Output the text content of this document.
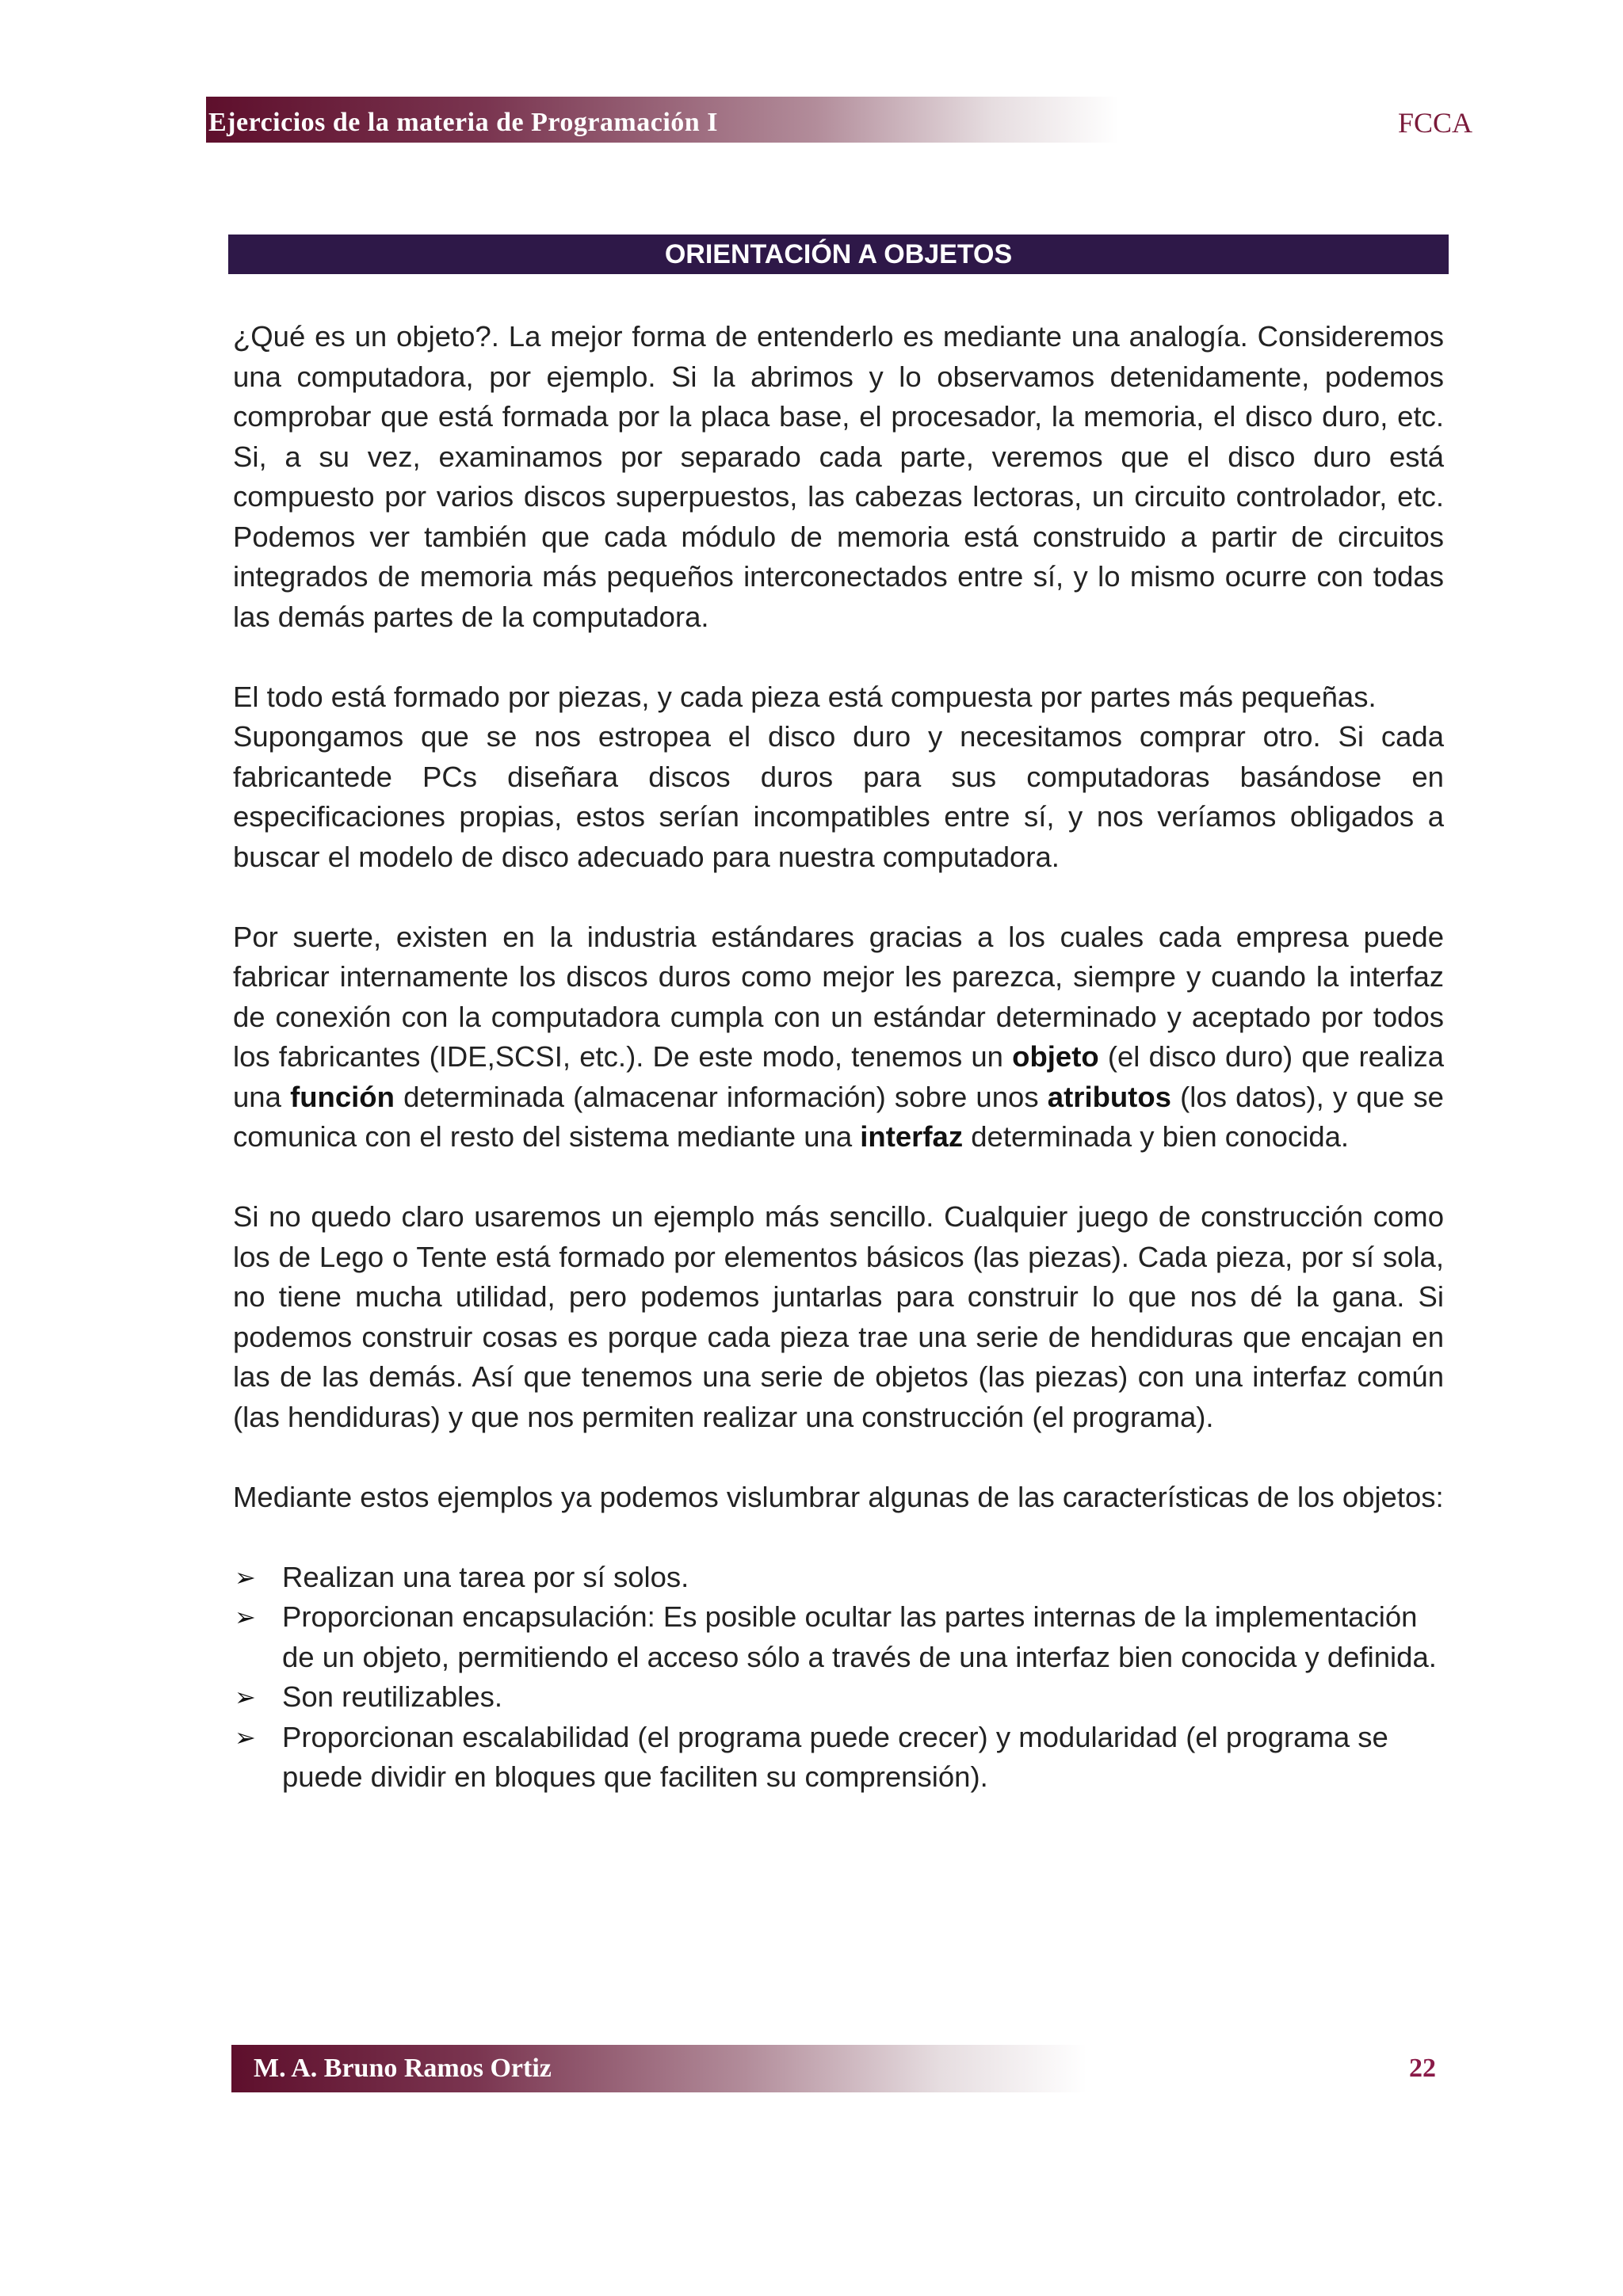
Ejercicios de la materia de Programación I	FCCA
ORIENTACIÓN A OBJETOS

¿Qué es un objeto?. La mejor forma de entenderlo es mediante una analogía. Consideremos una computadora, por ejemplo. Si la abrimos y lo observamos detenidamente, podemos comprobar que está formada por la placa base, el procesador, la memoria, el disco duro, etc. Si, a su vez, examinamos por separado cada parte, veremos que el disco duro está compuesto por varios discos superpuestos, las cabezas lectoras, un circuito controlador, etc. Podemos ver también que cada módulo de memoria está construido a partir de circuitos integrados de memoria más pequeños interconectados entre sí, y lo mismo ocurre con todas las demás partes de la computadora.

El todo está formado por piezas, y cada pieza está compuesta por partes más pequeñas.

Supongamos que se nos estropea el disco duro y necesitamos comprar otro. Si cada fabricantede PCs diseñara discos duros para sus computadoras basándose en especificaciones propias, estos serían incompatibles entre sí, y nos veríamos obligados a buscar el modelo de disco adecuado para nuestra computadora.

Por suerte, existen en la industria estándares gracias a los cuales cada empresa puede fabricar internamente los discos duros como mejor les parezca, siempre y cuando la interfaz de conexión con la computadora cumpla con un estándar determinado y aceptado por todos los fabricantes (IDE,SCSI, etc.). De este modo, tenemos un objeto (el disco duro) que realiza una función determinada (almacenar información) sobre unos atributos (los datos), y que se comunica con el resto del sistema mediante una interfaz determinada y bien conocida.

Si no quedo claro usaremos un ejemplo más sencillo. Cualquier juego de construcción como los de Lego o Tente está formado por elementos básicos (las piezas). Cada pieza, por sí sola, no tiene mucha utilidad, pero podemos juntarlas para construir lo que nos dé la gana. Si podemos construir cosas es porque cada pieza trae una serie de hendiduras que encajan en las de las demás. Así que tenemos una serie de objetos (las piezas) con una interfaz común (las hendiduras) y que nos permiten realizar una construcción (el programa).

Mediante estos ejemplos ya podemos vislumbrar algunas de las características de los objetos:

➢ Realizan una tarea por sí solos.
➢ Proporcionan encapsulación: Es posible ocultar las partes internas de la implementación de un objeto, permitiendo el acceso sólo a través de una interfaz bien conocida y definida.
➢ Son reutilizables.
➢ Proporcionan escalabilidad (el programa puede crecer) y modularidad (el programa se puede dividir en bloques que faciliten su comprensión).
M. A. Bruno Ramos Ortiz	22
